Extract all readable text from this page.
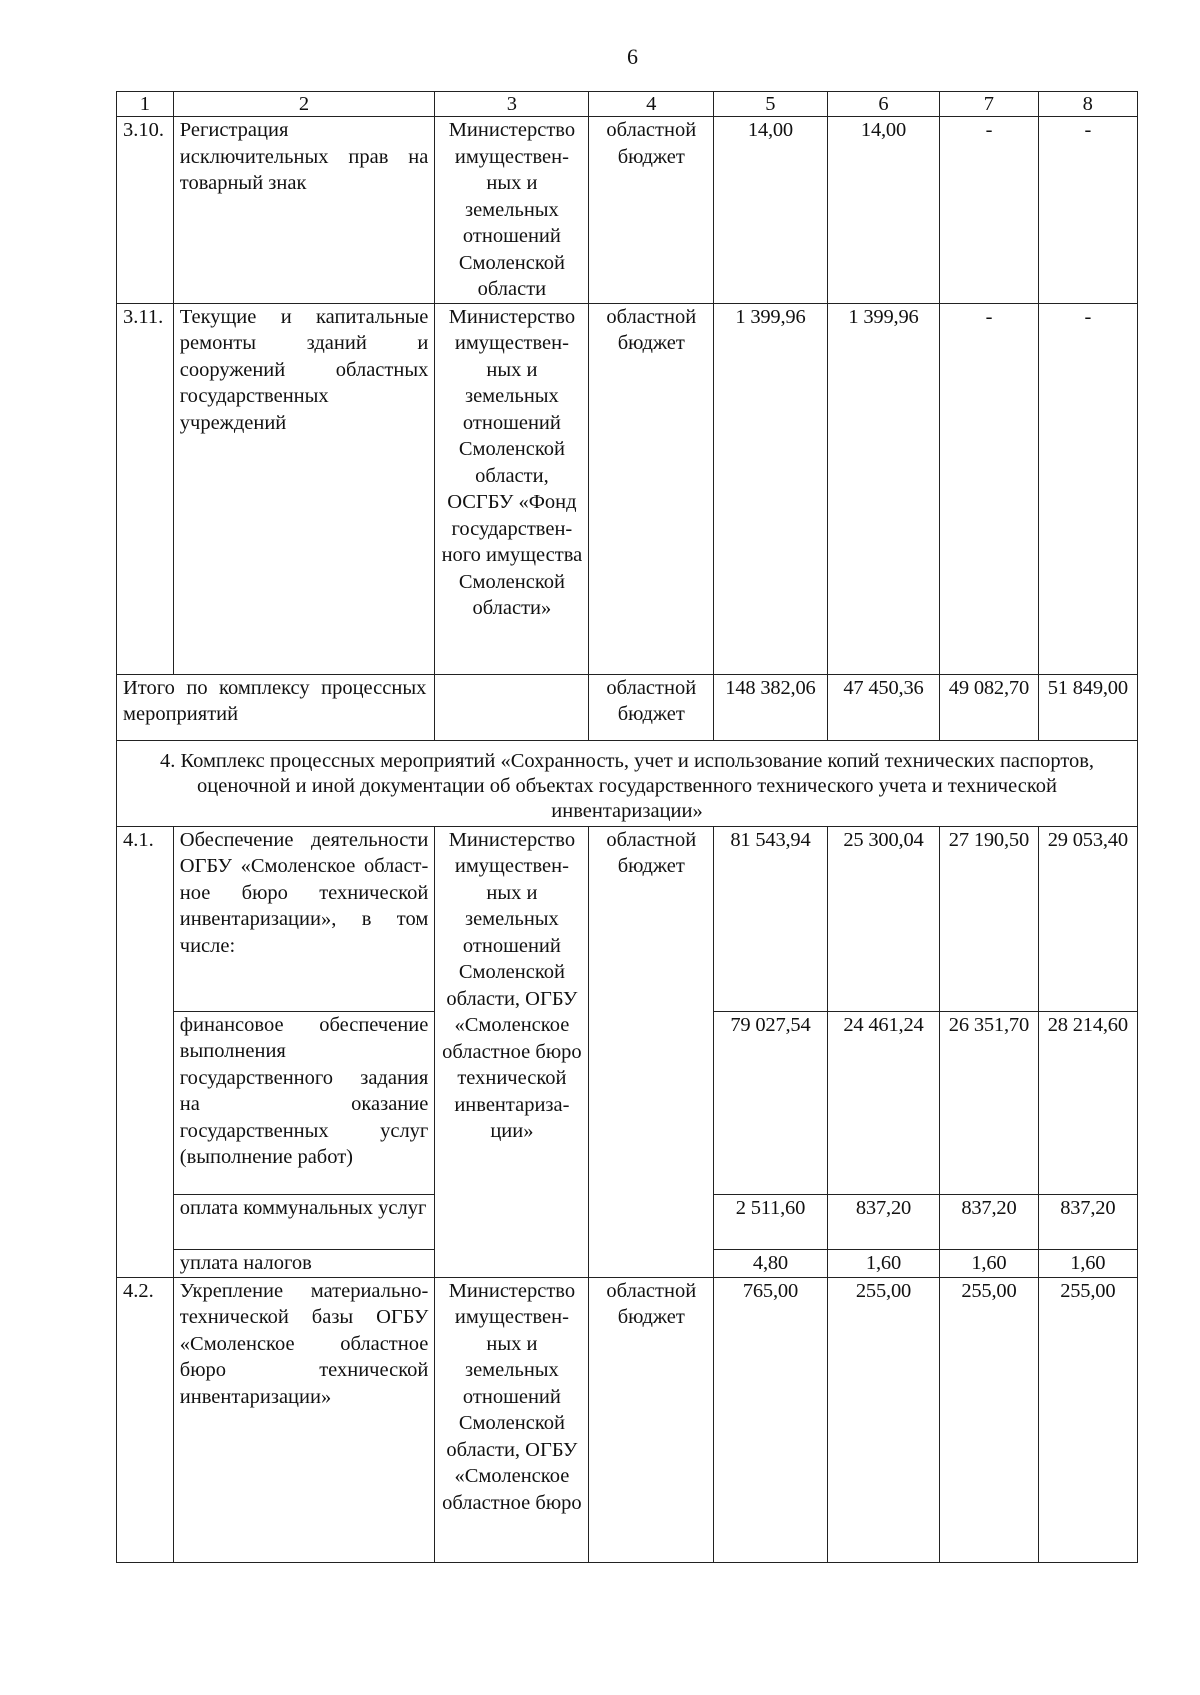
6
1	2	3	4	5	6	7	8
3.10.	Регистрация исключительных прав на товарный знак	Министерство имуществен-ных и земельных отношений Смоленской области	областной бюджет	14,00	14,00	-	-
3.11.	Текущие и капитальные ремонты зданий и сооружений областных государственных учреждений	Министерство имуществен-ных и земельных отношений Смоленской области, ОСГБУ «Фонд государствен-ного имущества Смоленской области»	областной бюджет	1 399,96	1 399,96	-	-
Итого по комплексу процессных мероприятий			областной бюджет	148 382,06	47 450,36	49 082,70	51 849,00
4. Комплекс процессных мероприятий «Сохранность, учет и использование копий технических паспортов, оценочной и иной документации об объектах государственного технического учета и технической инвентаризации»							
4.1.	Обеспечение деятельности ОГБУ «Смоленское област-ное бюро технической инвентаризации», в том числе:	Министерство имуществен-ных и земельных отношений Смоленской области, ОГБУ «Смоленское областное бюро технической инвентариза-ции»	областной бюджет	81 543,94	25 300,04	27 190,50	29 053,40
	финансовое обеспечение выполнения государственного задания на оказание государственных услуг (выполнение работ)			79 027,54	24 461,24	26 351,70	28 214,60
	оплата коммунальных услуг			2 511,60	837,20	837,20	837,20
	уплата налогов			4,80	1,60	1,60	1,60
4.2.	Укрепление материально-технической базы ОГБУ «Смоленское областное бюро технической инвентаризации»	Министерство имуществен-ных и земельных отношений Смоленской области, ОГБУ «Смоленское областное бюро	областной бюджет	765,00	255,00	255,00	255,00
